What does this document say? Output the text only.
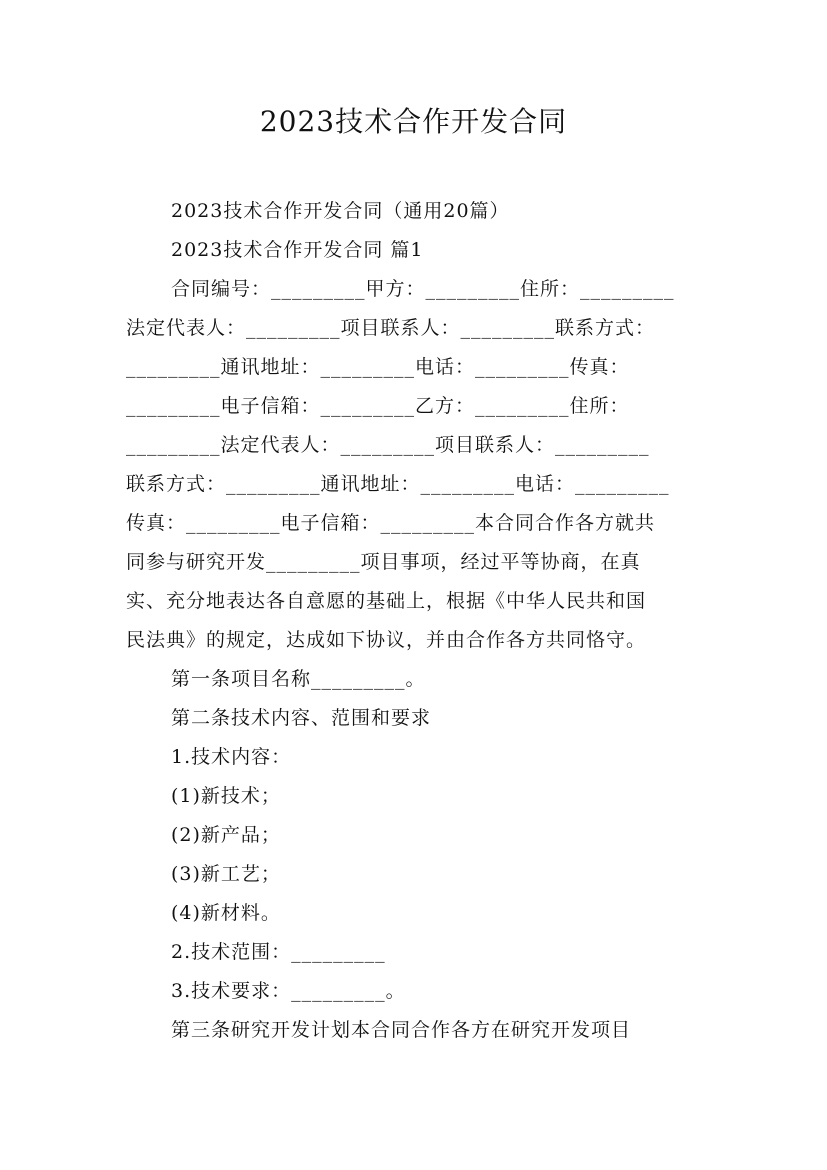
2023技术合作开发合同
2023技术合作开发合同（通用20篇）
2023技术合作开发合同 篇1
合同编号：_________甲方：_________住所：_________
法定代表人：_________项目联系人：_________联系方式：
_________通讯地址：_________电话：_________传真：
_________电子信箱：_________乙方：_________住所：
_________法定代表人：_________项目联系人：_________
联系方式：_________通讯地址：_________电话：_________
传真：_________电子信箱：_________本合同合作各方就共
同参与研究开发_________项目事项，经过平等协商，在真
实、充分地表达各自意愿的基础上，根据《中华人民共和国
民法典》的规定，达成如下协议，并由合作各方共同恪守。
第一条项目名称_________。
第二条技术内容、范围和要求
1.技术内容：
(1)新技术；
(2)新产品；
(3)新工艺；
(4)新材料。
2.技术范围：_________
3.技术要求：_________。
第三条研究开发计划本合同合作各方在研究开发项目
